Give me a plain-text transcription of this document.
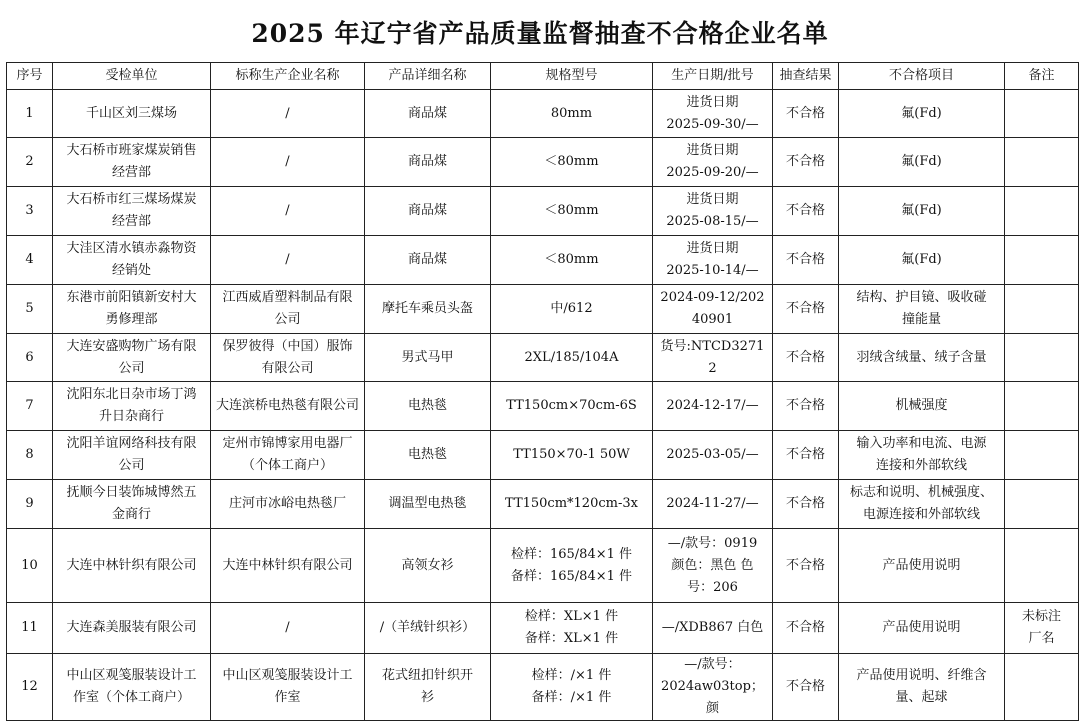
2025 年辽宁省产品质量监督抽查不合格企业名单
序号	受检单位	标称生产企业名称	产品详细名称	规格型号	生产日期/批号	抽查结果	不合格项目	备注
1	千山区刘三煤场	/	商品煤	80mm	进货日期
2025-09-30/—	不合格	氟(Fd)	
2	大石桥市班家煤炭销售
经营部	/	商品煤	＜80mm	进货日期
2025-09-20/—	不合格	氟(Fd)	
3	大石桥市红三煤场煤炭
经营部	/	商品煤	＜80mm	进货日期
2025-08-15/—	不合格	氟(Fd)	
4	大洼区清水镇赤淼物资
经销处	/	商品煤	＜80mm	进货日期
2025-10-14/—	不合格	氟(Fd)	
5	东港市前阳镇新安村大
勇修理部	江西威盾塑料制品有限
公司	摩托车乘员头盔	中/612	2024-09-12/202
40901	不合格	结构、护目镜、吸收碰
撞能量	
6	大连安盛购物广场有限
公司	保罗彼得（中国）服饰
有限公司	男式马甲	2XL/185/104A	货号:NTCD32712	不合格	羽绒含绒量、绒子含量	
7	沈阳东北日杂市场丁鸿
升日杂商行	大连滨桥电热毯有限公司	电热毯	TT150cm×70cm-6S	2024-12-17/—	不合格	机械强度	
8	沈阳羊谊网络科技有限
公司	定州市锦博家用电器厂
（个体工商户）	电热毯	TT150×70-1 50W	2025-03-05/—	不合格	输入功率和电流、电源
连接和外部软线	
9	抚顺今日装饰城博然五
金商行	庄河市冰峪电热毯厂	调温型电热毯	TT150cm*120cm-3x	2024-11-27/—	不合格	标志和说明、机械强度、
电源连接和外部软线	
10	大连中林针织有限公司	大连中林针织有限公司	高领女衫	检样：165/84×1 件
备样：165/84×1 件	—/款号：0919
颜色：黑色 色
号：206	不合格	产品使用说明	
11	大连森美服装有限公司	/	/（羊绒针织衫）	检样：XL×1 件
备样：XL×1 件	—/XDB867 白色	不合格	产品使用说明	未标注
厂名
12	中山区观笺服装设计工
作室（个体工商户）	中山区观笺服装设计工
作室	花式纽扣针织开
衫	检样：/×1 件
备样：/×1 件	—/款号：
2024aw03top；颜	不合格	产品使用说明、纤维含
量、起球	
